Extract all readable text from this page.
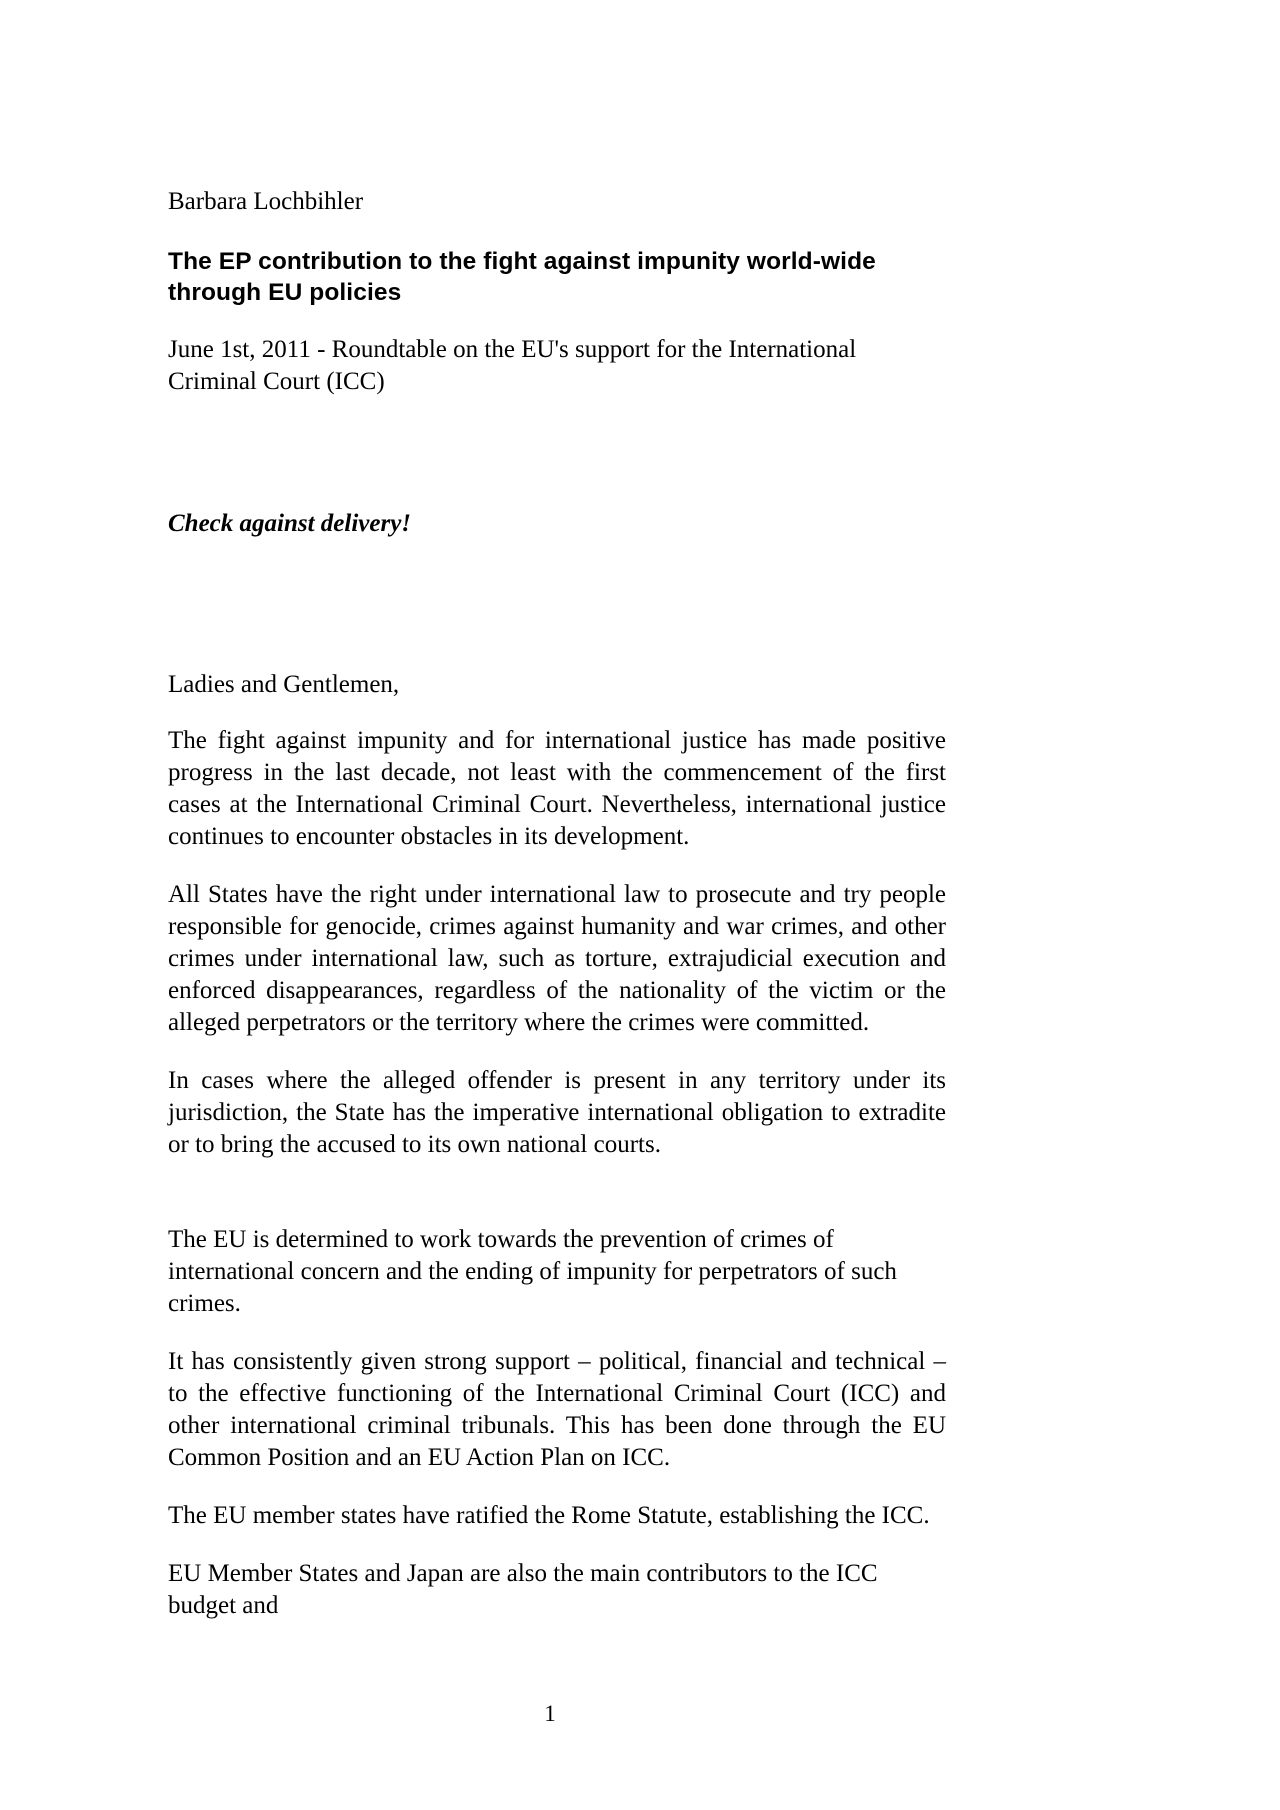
Barbara Lochbihler
The EP contribution to the fight against impunity world-wide
through EU policies
June 1st, 2011 - Roundtable on the EU's support for the International Criminal Court (ICC)
Check against delivery!
Ladies and Gentlemen,

The fight against impunity and for international justice has made positive progress in the last decade, not least with the commencement of the first cases at the International Criminal Court. Nevertheless, international justice continues to encounter obstacles in its development.

All States have the right under international law to prosecute and try people responsible for genocide, crimes against humanity and war crimes, and other crimes under international law, such as torture, extrajudicial execution and enforced disappearances, regardless of the nationality of the victim or the alleged perpetrators or the territory where the crimes were committed.

In cases where the alleged offender is present in any territory under its jurisdiction, the State has the imperative international obligation to extradite or to bring the accused to its own national courts.

The EU is determined to work towards the prevention of crimes of international concern and the ending of impunity for perpetrators of such crimes.

It has consistently given strong support – political, financial and technical – to the effective functioning of the International Criminal Court (ICC) and other international criminal tribunals. This has been done through the EU Common Position and an EU Action Plan on ICC.

The EU member states have ratified the Rome Statute, establishing the ICC.

EU Member States and Japan are also the main contributors to the ICC budget and

1
